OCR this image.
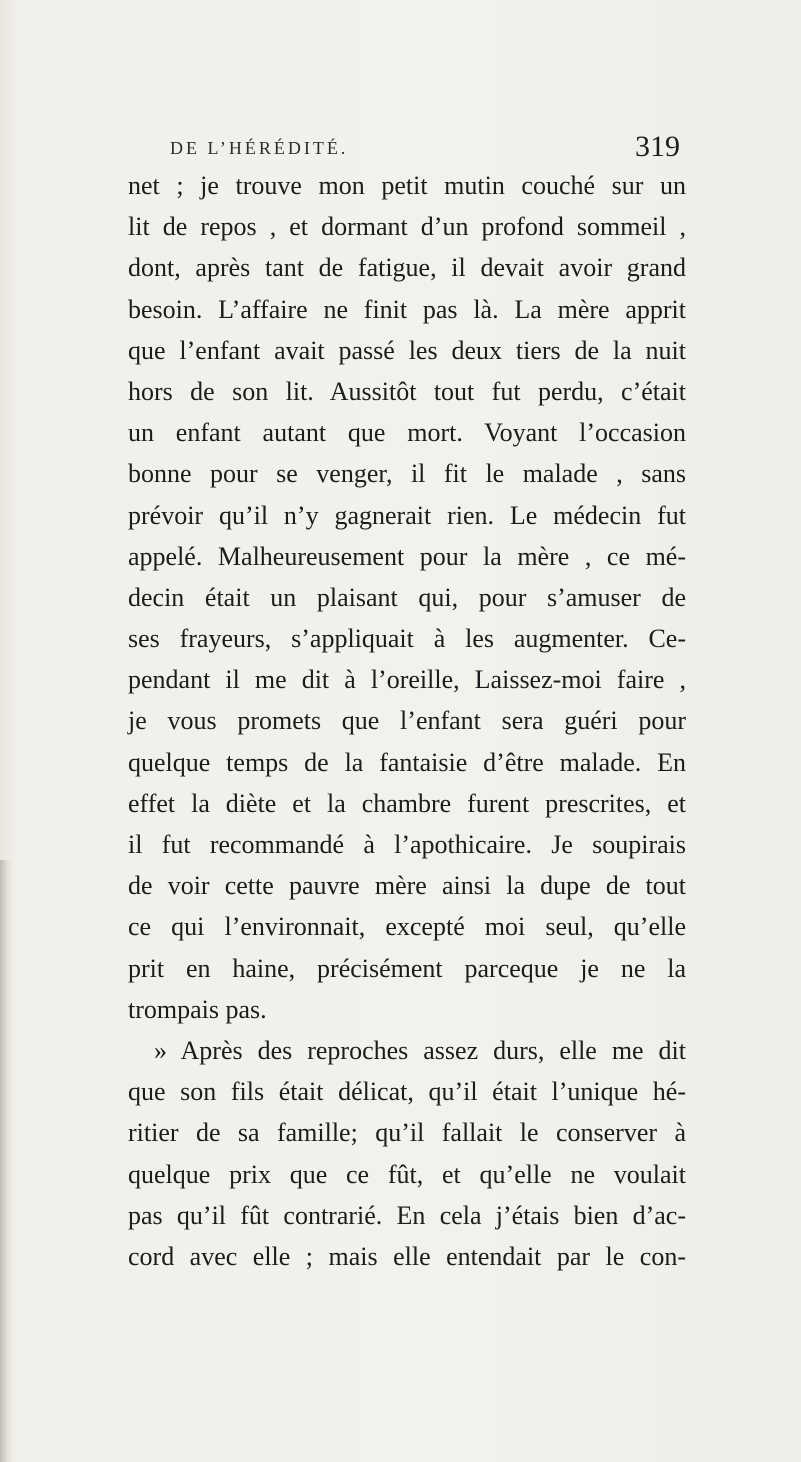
DE L’HÉRÉDITÉ.	319
net ; je trouve mon petit mutin couché sur un
lit de repos , et dormant d’un profond sommeil ,
dont, après tant de fatigue, il devait avoir grand
besoin. L’affaire ne finit pas là. La mère apprit
que l’enfant avait passé les deux tiers de la nuit
hors de son lit. Aussitôt tout fut perdu, c’était
un enfant autant que mort. Voyant l’occasion
bonne pour se venger, il fit le malade , sans
prévoir qu’il n’y gagnerait rien. Le médecin fut
appelé. Malheureusement pour la mère , ce mé-
decin était un plaisant qui, pour s’amuser de
ses frayeurs, s’appliquait à les augmenter. Ce-
pendant il me dit à l’oreille, Laissez-moi faire ,
je vous promets que l’enfant sera guéri pour
quelque temps de la fantaisie d’être malade. En
effet la diète et la chambre furent prescrites, et
il fut recommandé à l’apothicaire. Je soupirais
de voir cette pauvre mère ainsi la dupe de tout
ce qui l’environnait, excepté moi seul, qu’elle
prit en haine, précisément parceque je ne la
trompais pas.
» Après des reproches assez durs, elle me dit
que son fils était délicat, qu’il était l’unique hé-
ritier de sa famille; qu’il fallait le conserver à
quelque prix que ce fût, et qu’elle ne voulait
pas qu’il fût contrarié. En cela j’étais bien d’ac-
cord avec elle ; mais elle entendait par le con-
